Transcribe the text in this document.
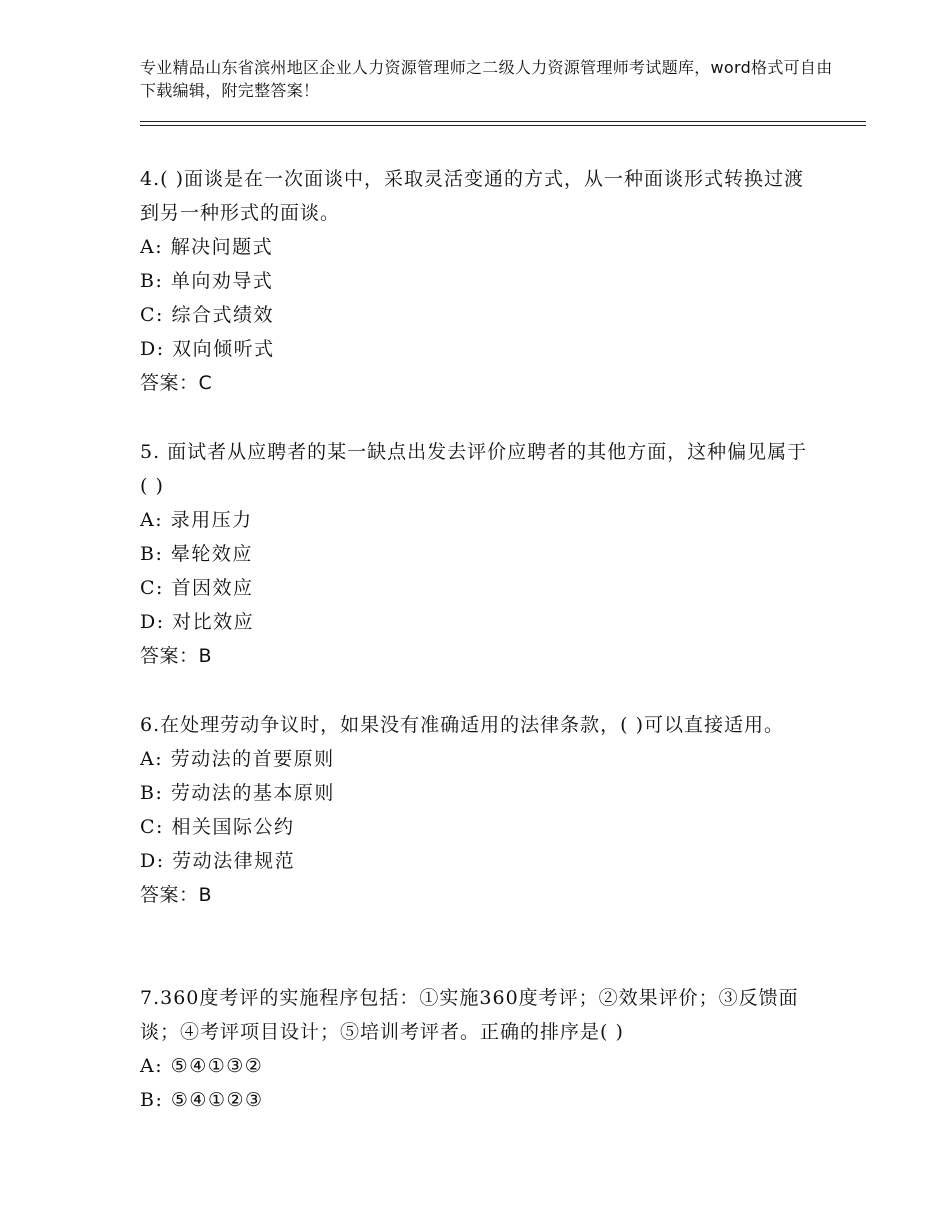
专业精品山东省滨州地区企业人力资源管理师之二级人力资源管理师考试题库，word格式可自由下载编辑，附完整答案！
4.( )面谈是在一次面谈中，采取灵活变通的方式，从一种面谈形式转换过渡到另一种形式的面谈。
A: 解决问题式
B: 单向劝导式
C: 综合式绩效
D: 双向倾听式
答案：C
5. 面试者从应聘者的某一缺点出发去评价应聘者的其他方面，这种偏见属于( )
A: 录用压力
B: 晕轮效应
C: 首因效应
D: 对比效应
答案：B
6.在处理劳动争议时，如果没有准确适用的法律条款，( )可以直接适用。
A: 劳动法的首要原则
B: 劳动法的基本原则
C: 相关国际公约
D: 劳动法律规范
答案：B
7.360度考评的实施程序包括：①实施360度考评；②效果评价；③反馈面谈；④考评项目设计；⑤培训考评者。正确的排序是( )
A: ⑤④①③②
B: ⑤④①②③
